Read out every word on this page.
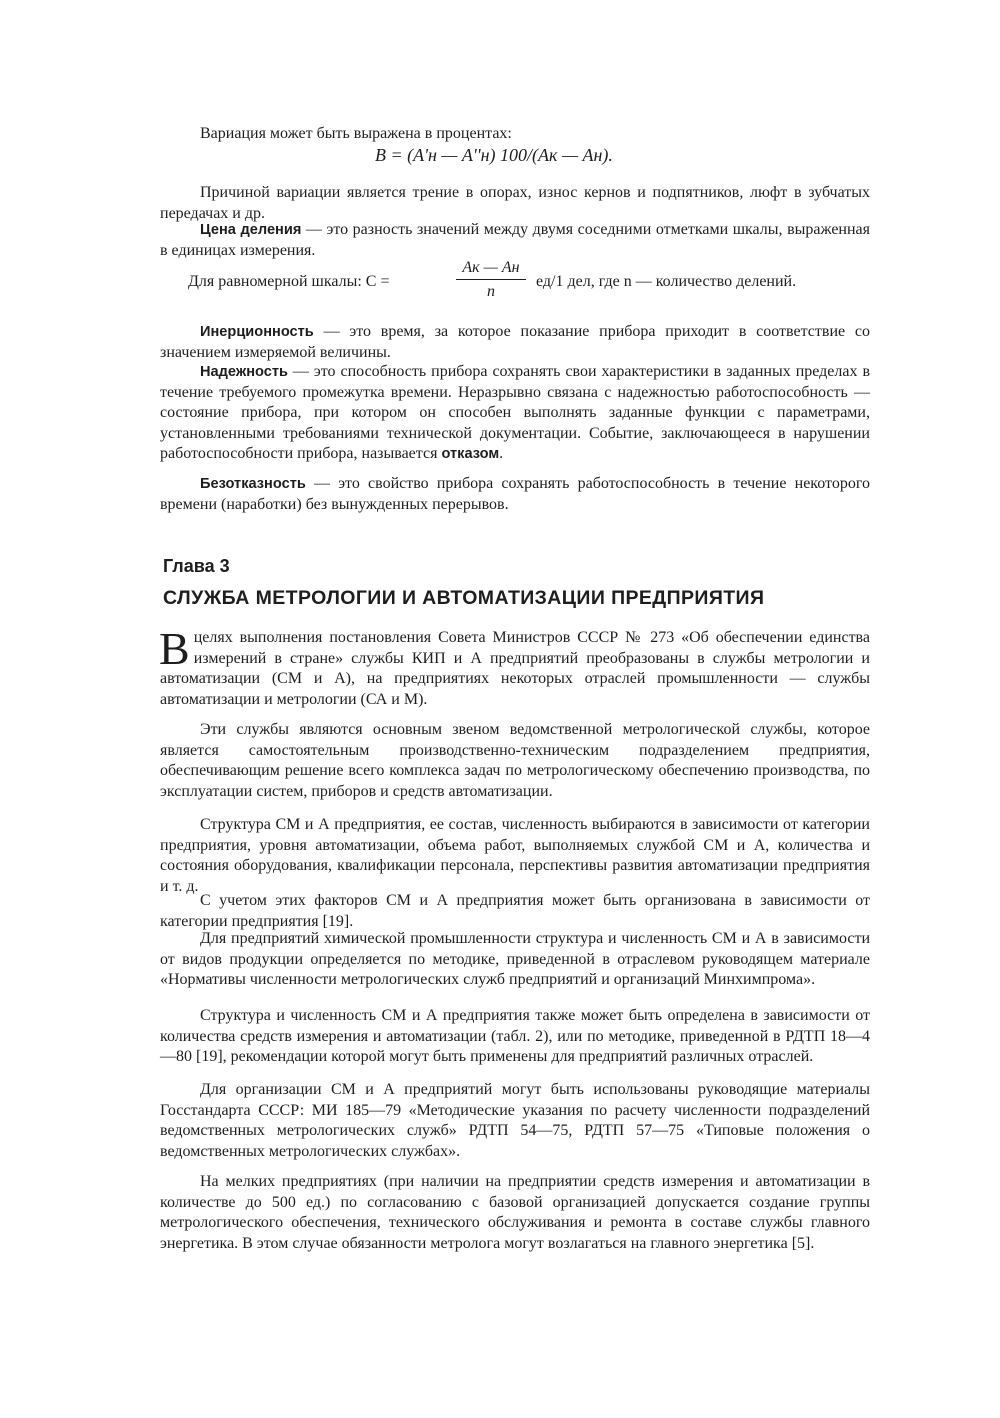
Вариация может быть выражена в процентах:

B = (A'н — A''н) 100/(Aк — Aн).

Причиной вариации является трение в опорах, износ кернов и подпятников, люфт в зубчатых передачах и др.

Цена деления — это разность значений между двумя соседними отметками шкалы, выраженная в единицах измерения.

Для равномерной шкалы: C =
Aк — Aн
n
ед/1 дел, где n — количество делений.

Инерционность — это время, за которое показание прибора приходит в соответствие со значением измеряемой величины.

Надежность — это способность прибора сохранять свои характеристики в заданных пределах в течение требуемого промежутка времени. Неразрывно связана с надежностью работоспособность — состояние прибора, при котором он способен выполнять заданные функции с параметрами, установленными требованиями технической документации. Событие, заключающееся в нарушении работоспособности прибора, называется отказом.

Безотказность — это свойство прибора сохранять работоспособность в течение некоторого времени (наработки) без вынужденных перерывов.

Глава 3
СЛУЖБА МЕТРОЛОГИИ И АВТОМАТИЗАЦИИ ПРЕДПРИЯТИЯ

В целях выполнения постановления Совета Министров СССР № 273 «Об обеспечении единства измерений в стране» службы КИП и А предприятий преобразованы в службы метрологии и автоматизации (СМ и А), на предприятиях некоторых отраслей промышленности — службы автоматизации и метрологии (СА и М).

Эти службы являются основным звеном ведомственной метрологической службы, которое является самостоятельным производственно-техническим подразделением предприятия, обеспечивающим решение всего комплекса задач по метрологическому обеспечению производства, по эксплуатации систем, приборов и средств автоматизации.

Структура СМ и А предприятия, ее состав, численность выбираются в зависимости от категории предприятия, уровня автоматизации, объема работ, выполняемых службой СМ и А, количества и состояния оборудования, квалификации персонала, перспективы развития автоматизации предприятия и т. д.

С учетом этих факторов СМ и А предприятия может быть организована в зависимости от категории предприятия [19].

Для предприятий химической промышленности структура и численность СМ и А в зависимости от видов продукции определяется по методике, приведенной в отраслевом руководящем материале «Нормативы численности метрологических служб предприятий и организаций Минхимпрома».

Структура и численность СМ и А предприятия также может быть определена в зависимости от количества средств измерения и автоматизации (табл. 2), или по методике, приведенной в РДТП 18—4—80 [19], рекомендации которой могут быть применены для предприятий различных отраслей.

Для организации СМ и А предприятий могут быть использованы руководящие материалы Госстандарта СССР: МИ 185—79 «Методические указания по расчету численности подразделений ведомственных метрологических служб» РДТП 54—75, РДТП 57—75 «Типовые положения о ведомственных метрологических службах».

На мелких предприятиях (при наличии на предприятии средств измерения и автоматизации в количестве до 500 ед.) по согласованию с базовой организацией допускается создание группы метрологического обеспечения, технического обслуживания и ремонта в составе службы главного энергетика. В этом случае обязанности метролога могут возлагаться на главного энергетика [5].
